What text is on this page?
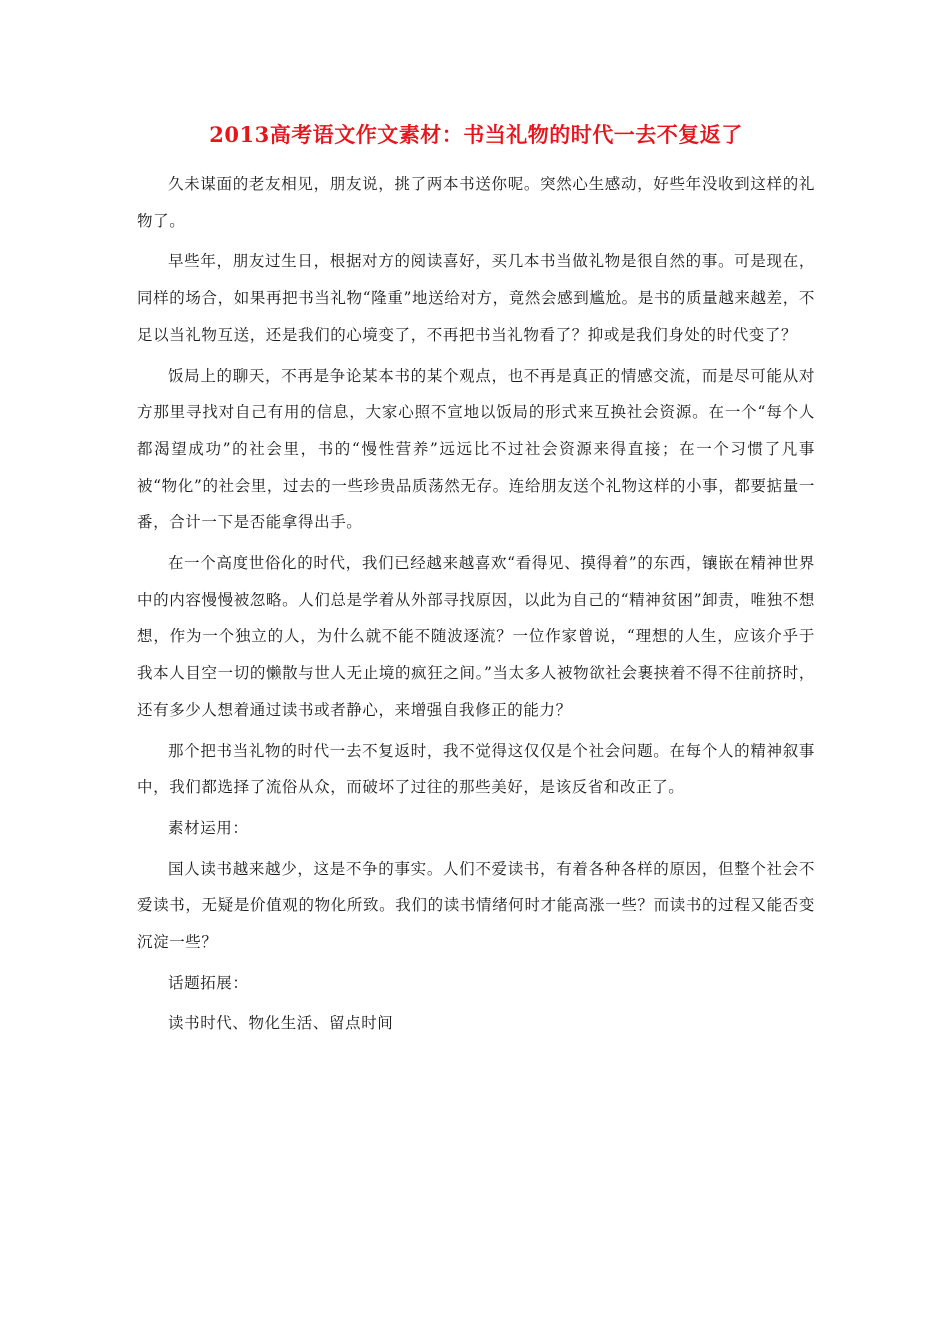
2013高考语文作文素材：书当礼物的时代一去不复返了

久未谋面的老友相见，朋友说，挑了两本书送你呢。突然心生感动，好些年没收到这样的礼物了。

早些年，朋友过生日，根据对方的阅读喜好，买几本书当做礼物是很自然的事。可是现在，同样的场合，如果再把书当礼物“隆重”地送给对方，竟然会感到尴尬。是书的质量越来越差，不足以当礼物互送，还是我们的心境变了，不再把书当礼物看了？抑或是我们身处的时代变了？

饭局上的聊天，不再是争论某本书的某个观点，也不再是真正的情感交流，而是尽可能从对方那里寻找对自己有用的信息，大家心照不宣地以饭局的形式来互换社会资源。在一个“每个人都渴望成功”的社会里，书的“慢性营养”远远比不过社会资源来得直接；在一个习惯了凡事被“物化”的社会里，过去的一些珍贵品质荡然无存。连给朋友送个礼物这样的小事，都要掂量一番，合计一下是否能拿得出手。

在一个高度世俗化的时代，我们已经越来越喜欢“看得见、摸得着”的东西，镶嵌在精神世界中的内容慢慢被忽略。人们总是学着从外部寻找原因，以此为自己的“精神贫困”卸责，唯独不想想，作为一个独立的人，为什么就不能不随波逐流？一位作家曾说，“理想的人生，应该介乎于我本人目空一切的懒散与世人无止境的疯狂之间。”当太多人被物欲社会裹挟着不得不往前挤时，还有多少人想着通过读书或者静心，来增强自我修正的能力？

那个把书当礼物的时代一去不复返时，我不觉得这仅仅是个社会问题。在每个人的精神叙事中，我们都选择了流俗从众，而破坏了过往的那些美好，是该反省和改正了。

素材运用：

国人读书越来越少，这是不争的事实。人们不爱读书，有着各种各样的原因，但整个社会不爱读书，无疑是价值观的物化所致。我们的读书情绪何时才能高涨一些？而读书的过程又能否变沉淀一些？

话题拓展：

读书时代、物化生活、留点时间
